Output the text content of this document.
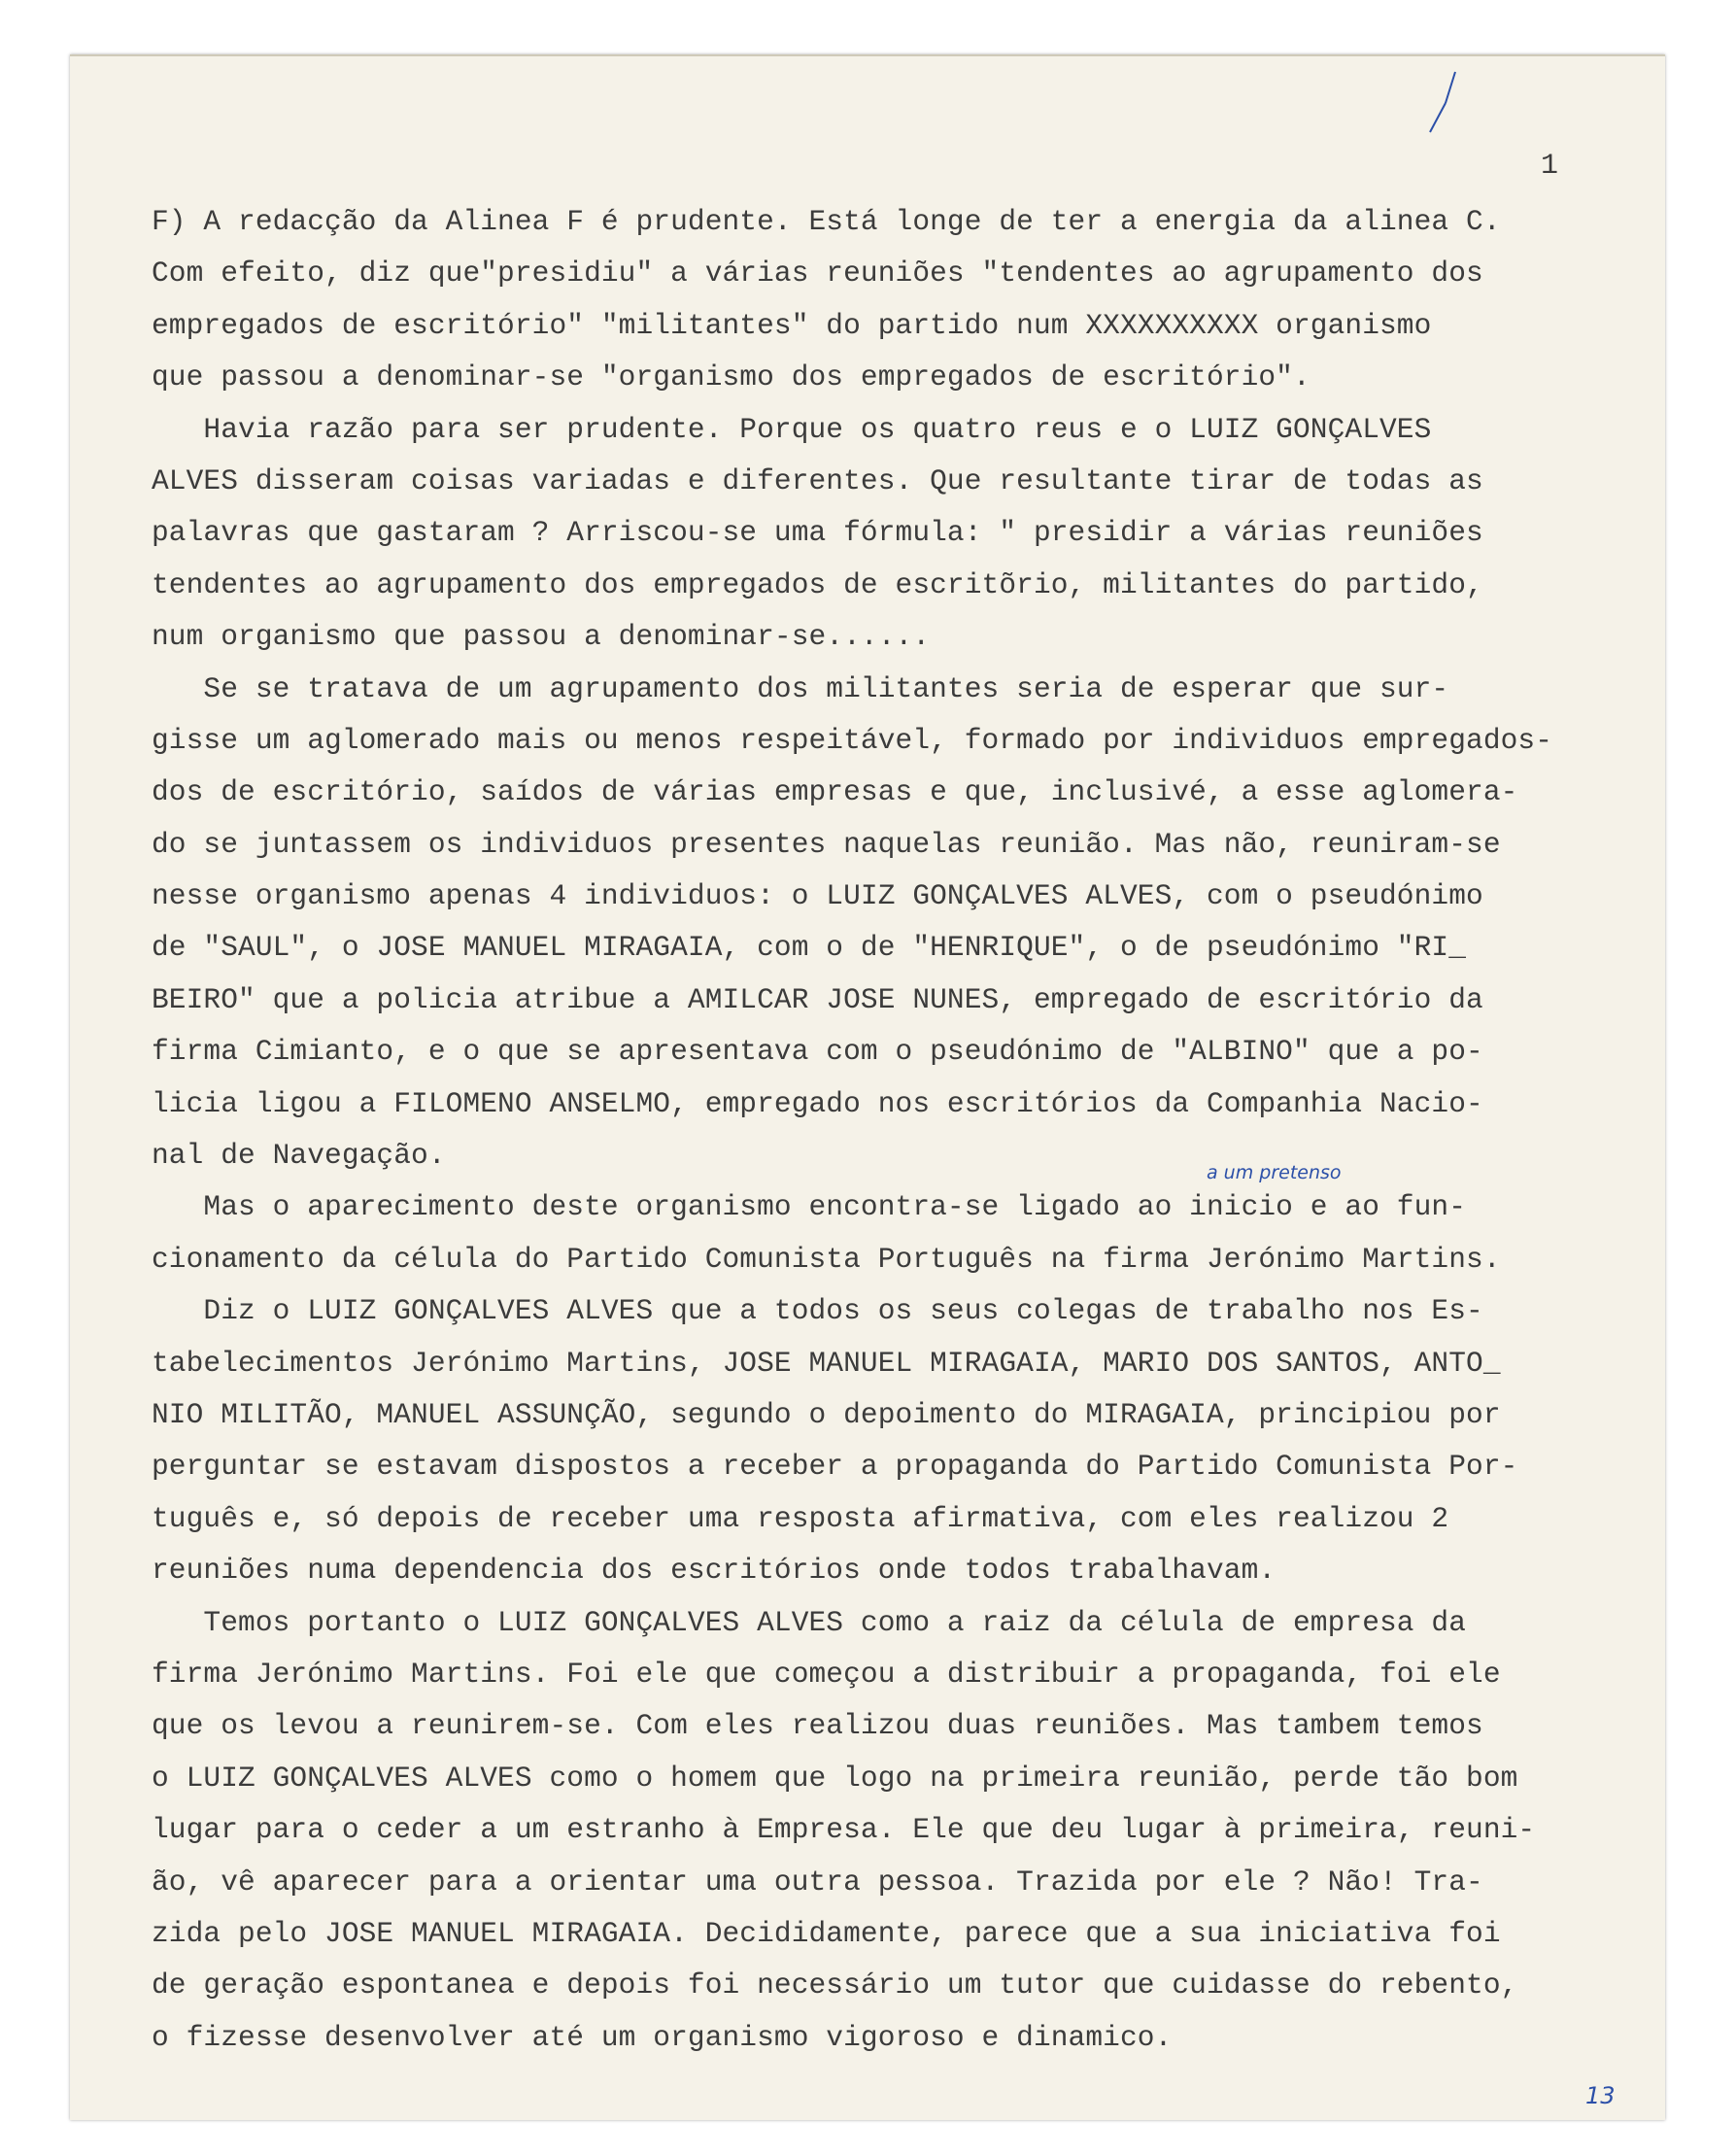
1
a um pretenso
F) A redacção da Alinea F é prudente. Está longe de ter a energia da alinea C.
Com efeito, diz que"presidiu" a várias reuniões "tendentes ao agrupamento dos
empregados de escritório" "militantes" do partido num XXXXXXXXXX organismo
que passou a denominar-se "organismo dos empregados de escritório".
Havia razão para ser prudente. Porque os quatro reus e o LUIZ GONÇALVES
ALVES disseram coisas variadas e diferentes. Que resultante tirar de todas as
palavras que gastaram ? Arriscou-se uma fórmula: " presidir a várias reuniões
tendentes ao agrupamento dos empregados de escritõrio, militantes do partido,
num organismo que passou a denominar-se......
Se se tratava de um agrupamento dos militantes seria de esperar que sur-
gisse um aglomerado mais ou menos respeitável, formado por individuos empregados-
dos de escritório, saídos de várias empresas e que, inclusivé, a esse aglomera-
do se juntassem os individuos presentes naquelas reunião. Mas não, reuniram-se
nesse organismo apenas 4 individuos: o LUIZ GONÇALVES ALVES, com o pseudónimo
de "SAUL", o JOSE MANUEL MIRAGAIA, com o de "HENRIQUE", o de pseudónimo "RI_
BEIRO" que a policia atribue a AMILCAR JOSE NUNES, empregado de escritório da
firma Cimianto, e o que se apresentava com o pseudónimo de "ALBINO" que a po-
licia ligou a FILOMENO ANSELMO, empregado nos escritórios da Companhia Nacio-
nal de Navegação.
Mas o aparecimento deste organismo encontra-se ligado ao inicio e ao fun-
cionamento da célula do Partido Comunista Português na firma Jerónimo Martins.
Diz o LUIZ GONÇALVES ALVES que a todos os seus colegas de trabalho nos Es-
tabelecimentos Jerónimo Martins, JOSE MANUEL MIRAGAIA, MARIO DOS SANTOS, ANTO_
NIO MILITÃO, MANUEL ASSUNÇÃO, segundo o depoimento do MIRAGAIA, principiou por
perguntar se estavam dispostos a receber a propaganda do Partido Comunista Por-
tuguês e, só depois de receber uma resposta afirmativa, com eles realizou 2
reuniões numa dependencia dos escritórios onde todos trabalhavam.
Temos portanto o LUIZ GONÇALVES ALVES como a raiz da célula de empresa da
firma Jerónimo Martins. Foi ele que começou a distribuir a propaganda, foi ele
que os levou a reunirem-se. Com eles realizou duas reuniões. Mas tambem temos
o LUIZ GONÇALVES ALVES como o homem que logo na primeira reunião, perde tão bom
lugar para o ceder a um estranho à Empresa. Ele que deu lugar à primeira, reuni-
ão, vê aparecer para a orientar uma outra pessoa. Trazida por ele ? Não! Tra-
zida pelo JOSE MANUEL MIRAGAIA. Decididamente, parece que a sua iniciativa foi
de geração espontanea e depois foi necessário um tutor que cuidasse do rebento,
o fizesse desenvolver até um organismo vigoroso e dinamico.
13
